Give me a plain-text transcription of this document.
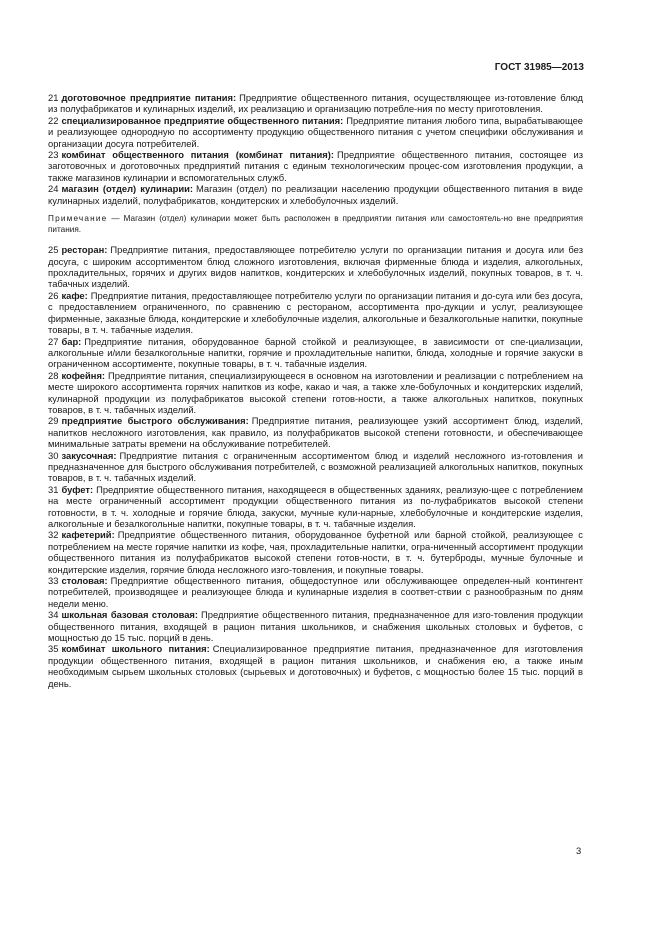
ГОСТ 31985—2013

21 доготовочное предприятие питания: Предприятие общественного питания, осуществляющее из-готовление блюд из полуфабрикатов и кулинарных изделий, их реализацию и организацию потребле-ния по месту приготовления.

22 специализированное предприятие общественного питания: Предприятие питания любого типа, вырабатывающее и реализующее однородную по ассортименту продукцию общественного питания с учетом специфики обслуживания и организации досуга потребителей.

23 комбинат общественного питания (комбинат питания): Предприятие общественного питания, состоящее из заготовочных и доготовочных предприятий питания с единым технологическим процес-сом изготовления продукции, а также магазинов кулинарии и вспомогательных служб.

24 магазин (отдел) кулинарии: Магазин (отдел) по реализации населению продукции общественного питания в виде кулинарных изделий, полуфабрикатов, кондитерских и хлебобулочных изделий.

Примечание — Магазин (отдел) кулинарии может быть расположен в предприятии питания или самостоятель-но вне предприятия питания.

25 ресторан: Предприятие питания, предоставляющее потребителю услуги по организации питания и досуга или без досуга, с широким ассортиментом блюд сложного изготовления, включая фирменные блюда и изделия, алкогольных, прохладительных, горячих и других видов напитков, кондитерских и хлебобулочных изделий, покупных товаров, в т. ч. табачных изделий.

26 кафе: Предприятие питания, предоставляющее потребителю услуги по организации питания и до-суга или без досуга, с предоставлением ограниченного, по сравнению с рестораном, ассортимента про-дукции и услуг, реализующее фирменные, заказные блюда, кондитерские и хлебобулочные изделия, алкогольные и безалкогольные напитки, покупные товары, в т. ч. табачные изделия.

27 бар: Предприятие питания, оборудованное барной стойкой и реализующее, в зависимости от спе-циализации, алкогольные и/или безалкогольные напитки, горячие и прохладительные напитки, блюда, холодные и горячие закуски в ограниченном ассортименте, покупные товары, в т. ч. табачные изделия.

28 кофейня: Предприятие питания, специализирующееся в основном на изготовлении и реализации с потреблением на месте широкого ассортимента горячих напитков из кофе, какао и чая, а также хле-бобулочных и кондитерских изделий, кулинарной продукции из полуфабрикатов высокой степени готов-ности, а также алкогольных напитков, покупных товаров, в т. ч. табачных изделий.

29 предприятие быстрого обслуживания: Предприятие питания, реализующее узкий ассортимент блюд, изделий, напитков несложного изготовления, как правило, из полуфабрикатов высокой степени готовности, и обеспечивающее минимальные затраты времени на обслуживание потребителей.

30 закусочная: Предприятие питания с ограниченным ассортиментом блюд и изделий несложного из-готовления и предназначенное для быстрого обслуживания потребителей, с возможной реализацией алкогольных напитков, покупных товаров, в т. ч. табачных изделий.

31 буфет: Предприятие общественного питания, находящееся в общественных зданиях, реализую-щее с потреблением на месте ограниченный ассортимент продукции общественного питания из по-луфабрикатов высокой степени готовности, в т. ч. холодные и горячие блюда, закуски, мучные кули-нарные, хлебобулочные и кондитерские изделия, алкогольные и безалкогольные напитки, покупные товары, в т. ч. табачные изделия.

32 кафетерий: Предприятие общественного питания, оборудованное буфетной или барной стойкой, реализующее с потреблением на месте горячие напитки из кофе, чая, прохладительные напитки, огра-ниченный ассортимент продукции общественного питания из полуфабрикатов высокой степени готов-ности, в т. ч. бутерброды, мучные булочные и кондитерские изделия, горячие блюда несложного изго-товления, и покупные товары.

33 столовая: Предприятие общественного питания, общедоступное или обслуживающее определен-ный контингент потребителей, производящее и реализующее блюда и кулинарные изделия в соответ-ствии с разнообразным по дням недели меню.

34 школьная базовая столовая: Предприятие общественного питания, предназначенное для изго-товления продукции общественного питания, входящей в рацион питания школьников, и снабжения школьных столовых и буфетов, с мощностью до 15 тыс. порций в день.

35 комбинат школьного питания: Специализированное предприятие питания, предназначенное для изготовления продукции общественного питания, входящей в рацион питания школьников, и снабжения ею, а также иным необходимым сырьем школьных столовых (сырьевых и доготовочных) и буфетов, с мощностью более 15 тыс. порций в день.

3
